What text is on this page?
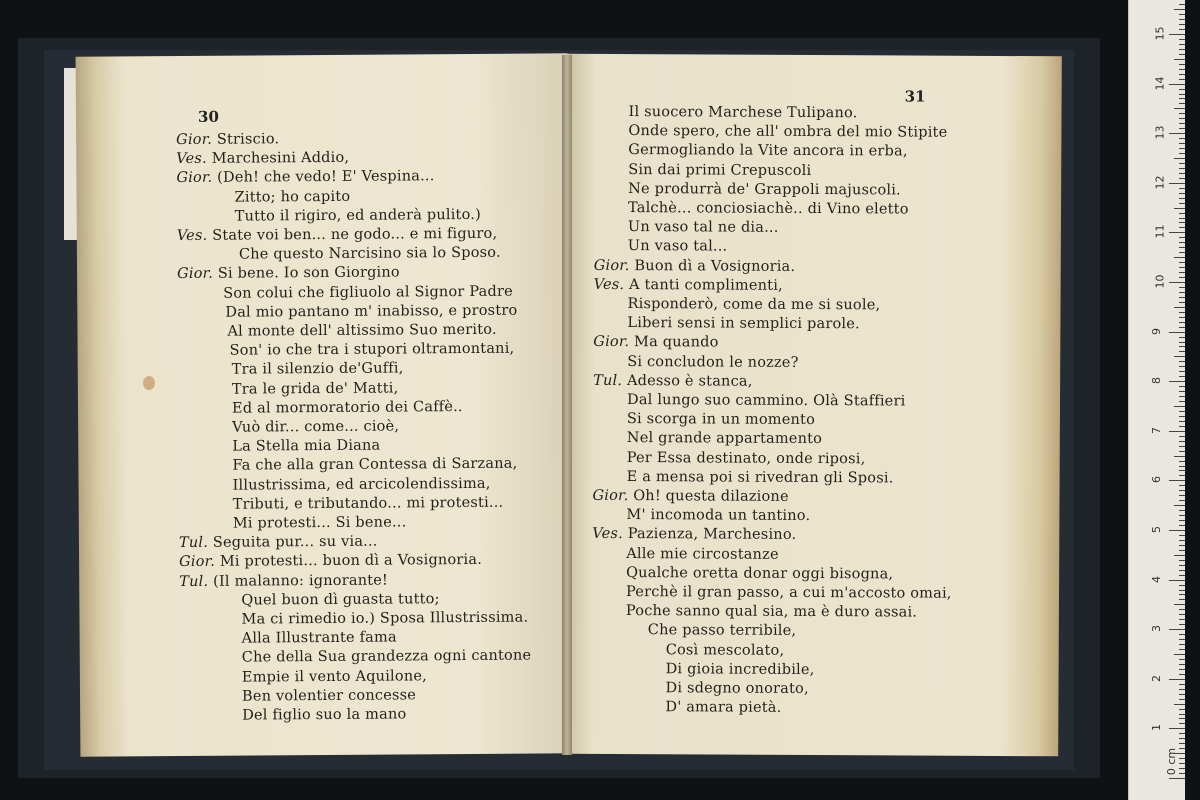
30
Gior. Striscio.
Ves. Marchesini Addio,
Gior. (Deh! che vedo! E' Vespina...
Zitto; ho capito
Tutto il rigiro, ed anderà pulito.)
Ves. State voi ben... ne godo... e mi figuro,
Che questo Narcisino sia lo Sposo.
Gior. Si bene. Io son Giorgino
Son colui che figliuolo al Signor Padre
Dal mio pantano m' inabisso, e prostro
Al monte dell' altissimo Suo merito.
Son' io che tra i stupori oltramontani,
Tra il silenzio de'Guffi,
Tra le grida de' Matti,
Ed al mormoratorio dei Caffè..
Vuò dir... come... cioè,
La Stella mia Diana
Fa che alla gran Contessa di Sarzana,
Illustrissima, ed arcicolendissima,
Tributi, e tributando... mi protesti...
Mi protesti... Si bene...
Tul. Seguita pur... su via...
Gior. Mi protesti... buon dì a Vosignoria.
Tul. (Il malanno: ignorante!
Quel buon dì guasta tutto;
Ma ci rimedio io.) Sposa Illustrissima.
Alla Illustrante fama
Che della Sua grandezza ogni cantone
Empie il vento Aquilone,
Ben volentier concesse
Del figlio suo la mano
31
Il suocero Marchese Tulipano.
Onde spero, che all' ombra del mio Stipite
Germogliando la Vite ancora in erba,
Sin dai primi Crepuscoli
Ne produrrà de' Grappoli majuscoli.
Talchè... conciosiachè.. di Vino eletto
Un vaso tal ne dia...
Un vaso tal...
Gior. Buon dì a Vosignoria.
Ves. A tanti complimenti,
Risponderò, come da me si suole,
Liberi sensi in semplici parole.
Gior. Ma quando
Si concludon le nozze?
Tul. Adesso è stanca,
Dal lungo suo cammino. Olà Staffieri
Si scorga in un momento
Nel grande appartamento
Per Essa destinato, onde riposi,
E a mensa poi si rivedran gli Sposi.
Gior. Oh! questa dilazione
M' incomoda un tantino.
Ves. Pazienza, Marchesino.
Alle mie circostanze
Qualche oretta donar oggi bisogna,
Perchè il gran passo, a cui m'accosto omai,
Poche sanno qual sia, ma è duro assai.
Che passo terribile,
Così mescolato,
Di gioia incredibile,
Di sdegno onorato,
D' amara pietà.
1
2
3
4
5
6
7
8
9
10
11
12
13
14
15
0 cm
